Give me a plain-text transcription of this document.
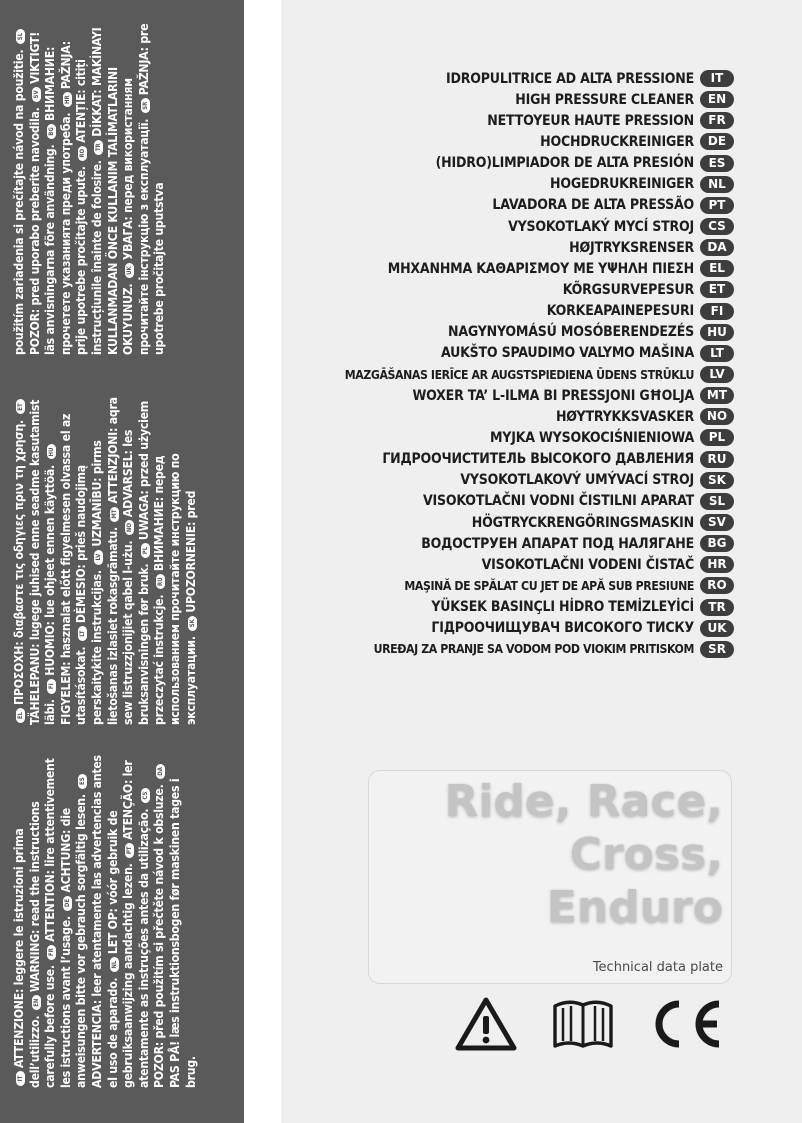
ITATTENZIONE: leggere le istruzioni prima dell’utilizzo. ENWARNING: read the instructions carefully before use. FRATTENTION: lire attentivement les istructions avant l’usage. DEACHTUNG: die anweisungen bitte vor gebrauch sorgfältig lesen. ES ADVERTENCIA: leer atentamente las advertencias antes el uso de aparado. NLLET OP: vóór gebruik de gebruiksaanwijzing aandachtig lezen. PTATENÇÃO: ler atentamente as instruções antes da utilização. CS POZOR: před použitím si přečtěte návod k obsluze. DAPAS PÅ! læs instruktionsbogen før maskinen tages i brug.
ELΠΡΟΣΟΧΗ: διαβαστε τις οδηγιες πριν τη χρηση. ET TÄHELEPANU: lugege juhised enne seadme kasutamist läbi. FIHUOMIO: lue ohjeet ennen käyttöä. HU FIGYELEM: hasznalat előtt figyelmesen olvassa el az utasításokat. LTDĖMESIO: prieš naudojimą perskaitykite instrukcijas. LVUZMANĪBU: pirms lietošanas izlasiet rokasgrāmatu. MTATTENZJONI: aqra sew listruzzjonijiet qabel l-użu. NOADVARSEL: les bruksanvisningen før bruk. PLUWAGA: przed użyciem przeczytać instrukcje. RUВНИМАНИЕ: перед использованием прочитайте инструкцию по эксплуатации. SKUPOZORNENIE: pred
použitím zariadenia si prečítajte návod na použitie. SLPOZOR: pred uporabo preberite navodila. SVVIKTIGT! läs anvisningarna före användning. BGВНИМАНИЕ: прочетете указанията преди употреба. HRPAŽNJA: prije upotrebe pročitajte upute. ROATENȚIE: citiți instrucțiunile înainte de folosire. TRDİKKAT: MAKİNAYI KULLANMADAN ÖNCE KULLANIM TALİMATLARINI OKUYUNUZ. UKУВАГА: перед використанням прочитайте інструкцію з експлуатації. SRPAŽNJA: pre upotrebe pročitajte uputstva
IDROPULITRICE AD ALTA PRESSIONE	IT
HIGH PRESSURE CLEANER	EN
NETTOYEUR HAUTE PRESSION	FR
HOCHDRUCKREINIGER	DE
(HIDRO)LIMPIADOR DE ALTA PRESIÓN	ES
HOGEDRUKREINIGER	NL
LAVADORA DE ALTA PRESSÃO	PT
VYSOKOTLAKÝ MYCÍ STROJ	CS
HØJTRYKSRENSER	DA
ΜΗΧΑΝΗΜΑ ΚΑΘΑΡΙΣΜΟΥ ΜΕ ΥΨΗΛΗ ΠΙΕΣΗ	EL
KÕRGSURVEPESUR	ET
KORKEAPAINEPESURI	FI
NAGYNYOMÁSÚ MOSÓBERENDEZÉS	HU
AUKŠTO SPAUDIMO VALYMO MAŠINA	LT
MAZGĀŠANAS IERĪCE AR AUGSTSPIEDIENA ŪDENS STRŪKLU	LV
WOXER TA’ L-ILMA BI PRESSJONI GĦOLJA	MT
HØYTRYKKSVASKER	NO
MYJKA WYSOKOCIŚNIENIOWA	PL
ГИДРООЧИСТИТЕЛЬ ВЫСОКОГО ДАВЛЕНИЯ	RU
VYSOKOTLAKOVÝ UMÝVACÍ STROJ	SK
VISOKOTLAČNI VODNI ČISTILNI APARAT	SL
HÖGTRYCKRENGÖRINGSMASKIN	SV
ВОДОСТРУЕН АПАРАТ ПОД НАЛЯГАНЕ	BG
VISOKOTLAČNI VODENI ČISTAČ	HR
MAŞINĂ DE SPĂLAT CU JET DE APĂ SUB PRESIUNE	RO
YÜKSEK BASINÇLI HİDRO TEMİZLEYİCİ	TR
ГІДРООЧИЩУВАЧ ВИСОКОГО ТИСКУ	UK
UREĐAJ ZA PRANJE SA VODOM POD VIOKIM PRITISKOM	SR
Ride, Race,
Cross,
Enduro
Technical data plate
